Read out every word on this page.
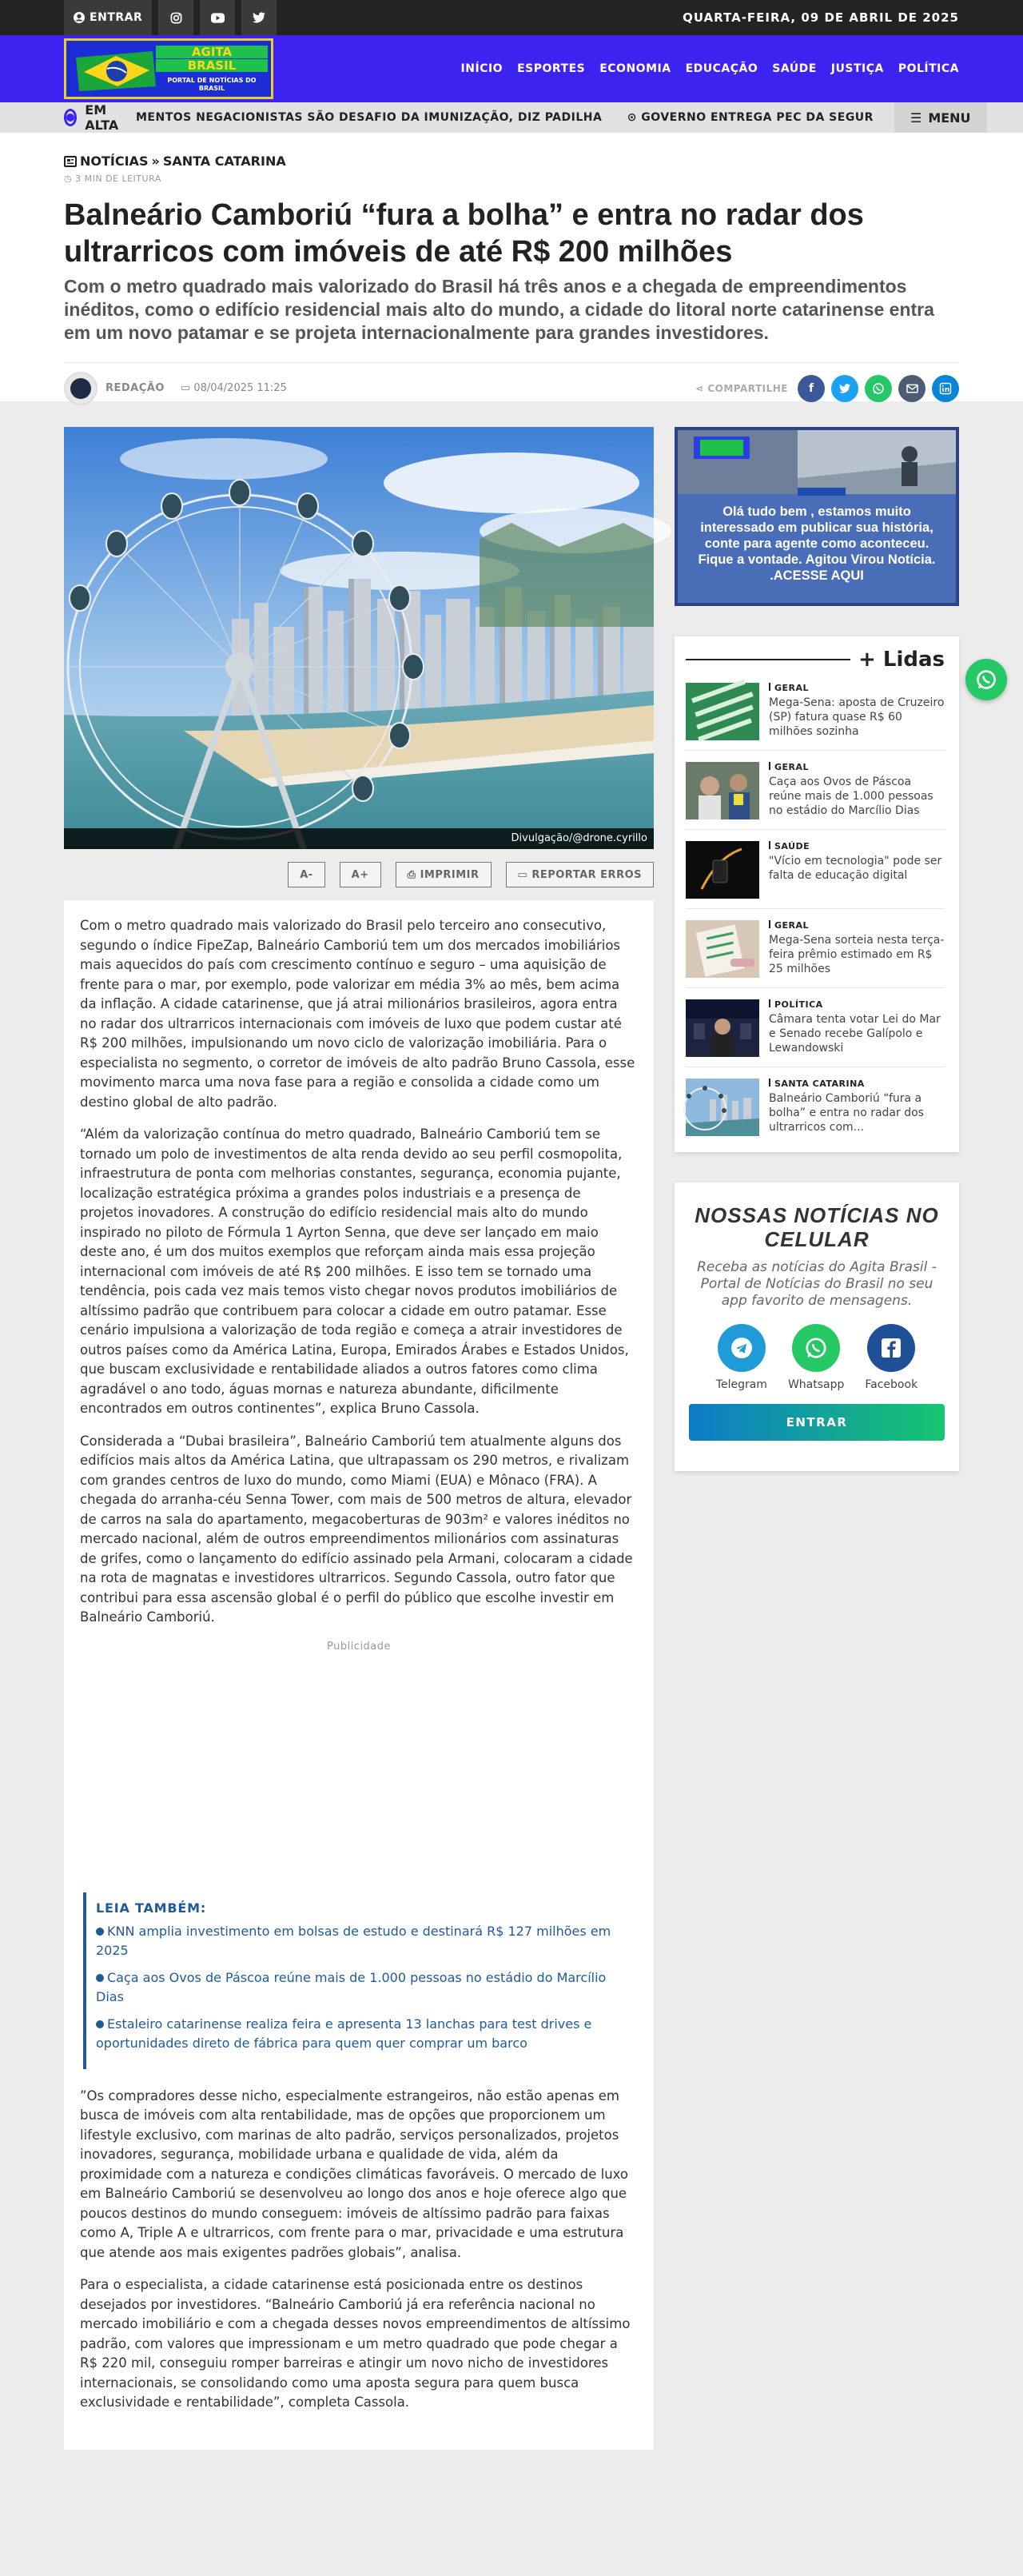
ENTRAR	QUARTA-FEIRA, 09 DE ABRIL DE 2025
AGITA
BRASIL
PORTAL DE NOTÍCIAS DO BRASIL
INÍCIO ESPORTES ECONOMIA EDUCAÇÃO SAÚDE JUSTIÇA POLÍTICA
EM ALTA	MENTOS NEGACIONISTAS SÃO DESAFIO DA IMUNIZAÇÃO, DIZ PADILHA ⊙ GOVERNO ENTREGA PEC DA SEGUR	☰ MENU
NOTÍCIAS » SANTA CATARINA
◷ 3 MIN DE LEITURA
Balneário Camboriú “fura a bolha” e entra no radar dos ultrarricos com imóveis de até R$ 200 milhões
Com o metro quadrado mais valorizado do Brasil há três anos e a chegada de empreendimentos inéditos, como o edifício residencial mais alto do mundo, a cidade do litoral norte catarinense entra em um novo patamar e se projeta internacionalmente para grandes investidores.
REDAÇÃO ▭ 08/04/2025 11:25	⋖ COMPARTILHE f
Divulgação/@drone.cyrillo
A-	A+	⎙ IMPRIMIR	▭ REPORTAR ERROS

Com o metro quadrado mais valorizado do Brasil pelo terceiro ano consecutivo, segundo o índice FipeZap, Balneário Camboriú tem um dos mercados imobiliários mais aquecidos do país com crescimento contínuo e seguro – uma aquisição de frente para o mar, por exemplo, pode valorizar em média 3% ao mês, bem acima da inflação. A cidade catarinense, que já atrai milionários brasileiros, agora entra no radar dos ultrarricos internacionais com imóveis de luxo que podem custar até R$ 200 milhões, impulsionando um novo ciclo de valorização imobiliária. Para o especialista no segmento, o corretor de imóveis de alto padrão Bruno Cassola, esse movimento marca uma nova fase para a região e consolida a cidade como um destino global de alto padrão.

“Além da valorização contínua do metro quadrado, Balneário Camboriú tem se tornado um polo de investimentos de alta renda devido ao seu perfil cosmopolita, infraestrutura de ponta com melhorias constantes, segurança, economia pujante, localização estratégica próxima a grandes polos industriais e a presença de projetos inovadores. A construção do edifício residencial mais alto do mundo inspirado no piloto de Fórmula 1 Ayrton Senna, que deve ser lançado em maio deste ano, é um dos muitos exemplos que reforçam ainda mais essa projeção internacional com imóveis de até R$ 200 milhões. E isso tem se tornado uma tendência, pois cada vez mais temos visto chegar novos produtos imobiliários de altíssimo padrão que contribuem para colocar a cidade em outro patamar. Esse cenário impulsiona a valorização de toda região e começa a atrair investidores de outros países como da América Latina, Europa, Emirados Árabes e Estados Unidos, que buscam exclusividade e rentabilidade aliados a outros fatores como clima agradável o ano todo, águas mornas e natureza abundante, dificilmente encontrados em outros continentes”, explica Bruno Cassola.

Considerada a “Dubai brasileira”, Balneário Camboriú tem atualmente alguns dos edifícios mais altos da América Latina, que ultrapassam os 290 metros, e rivalizam com grandes centros de luxo do mundo, como Miami (EUA) e Mônaco (FRA). A chegada do arranha-céu Senna Tower, com mais de 500 metros de altura, elevador de carros na sala do apartamento, megacoberturas de 903m² e valores inéditos no mercado nacional, além de outros empreendimentos milionários com assinaturas de grifes, como o lançamento do edifício assinado pela Armani, colocaram a cidade na rota de magnatas e investidores ultrarricos. Segundo Cassola, outro fator que contribui para essa ascensão global é o perfil do público que escolhe investir em Balneário Camboriú.

Publicidade
LEIA TAMBÉM:
KNN amplia investimento em bolsas de estudo e destinará R$ 127 milhões em 2025
Caça aos Ovos de Páscoa reúne mais de 1.000 pessoas no estádio do Marcílio Dias
Estaleiro catarinense realiza feira e apresenta 13 lanchas para test drives e oportunidades direto de fábrica para quem quer comprar um barco

”Os compradores desse nicho, especialmente estrangeiros, não estão apenas em busca de imóveis com alta rentabilidade, mas de opções que proporcionem um lifestyle exclusivo, com marinas de alto padrão, serviços personalizados, projetos inovadores, segurança, mobilidade urbana e qualidade de vida, além da proximidade com a natureza e condições climáticas favoráveis. O mercado de luxo em Balneário Camboriú se desenvolveu ao longo dos anos e hoje oferece algo que poucos destinos do mundo conseguem: imóveis de altíssimo padrão para faixas como A, Triple A e ultrarricos, com frente para o mar, privacidade e uma estrutura que atende aos mais exigentes padrões globais”, analisa.

Para o especialista, a cidade catarinense está posicionada entre os destinos desejados por investidores. “Balneário Camboriú já era referência nacional no mercado imobiliário e com a chegada desses novos empreendimentos de altíssimo padrão, com valores que impressionam e um metro quadrado que pode chegar a R$ 220 mil, conseguiu romper barreiras e atingir um novo nicho de investidores internacionais, se consolidando como uma aposta segura para quem busca exclusividade e rentabilidade”, completa Cassola.

Olá tudo bem , estamos muito interessado em publicar sua história, conte para agente como aconteceu. Fique a vontade. Agitou Virou Notícia. .ACESSE AQUI
+ Lidas
GERAL
Mega-Sena: aposta de Cruzeiro (SP) fatura quase R$ 60 milhões sozinha
GERAL
Caça aos Ovos de Páscoa reúne mais de 1.000 pessoas no estádio do Marcílio Dias
SAÚDE
"Vício em tecnologia" pode ser falta de educação digital
GERAL
Mega-Sena sorteia nesta terça-feira prêmio estimado em R$ 25 milhões
POLÍTICA
Câmara tenta votar Lei do Mar e Senado recebe Galípolo e Lewandowski
SANTA CATARINA
Balneário Camboriú “fura a bolha” e entra no radar dos ultrarricos com...
NOSSAS NOTÍCIAS NO CELULAR

Receba as notícias do Agita Brasil - Portal de Notícias do Brasil no seu app favorito de mensagens.

Telegram Whatsapp Facebook
ENTRAR
